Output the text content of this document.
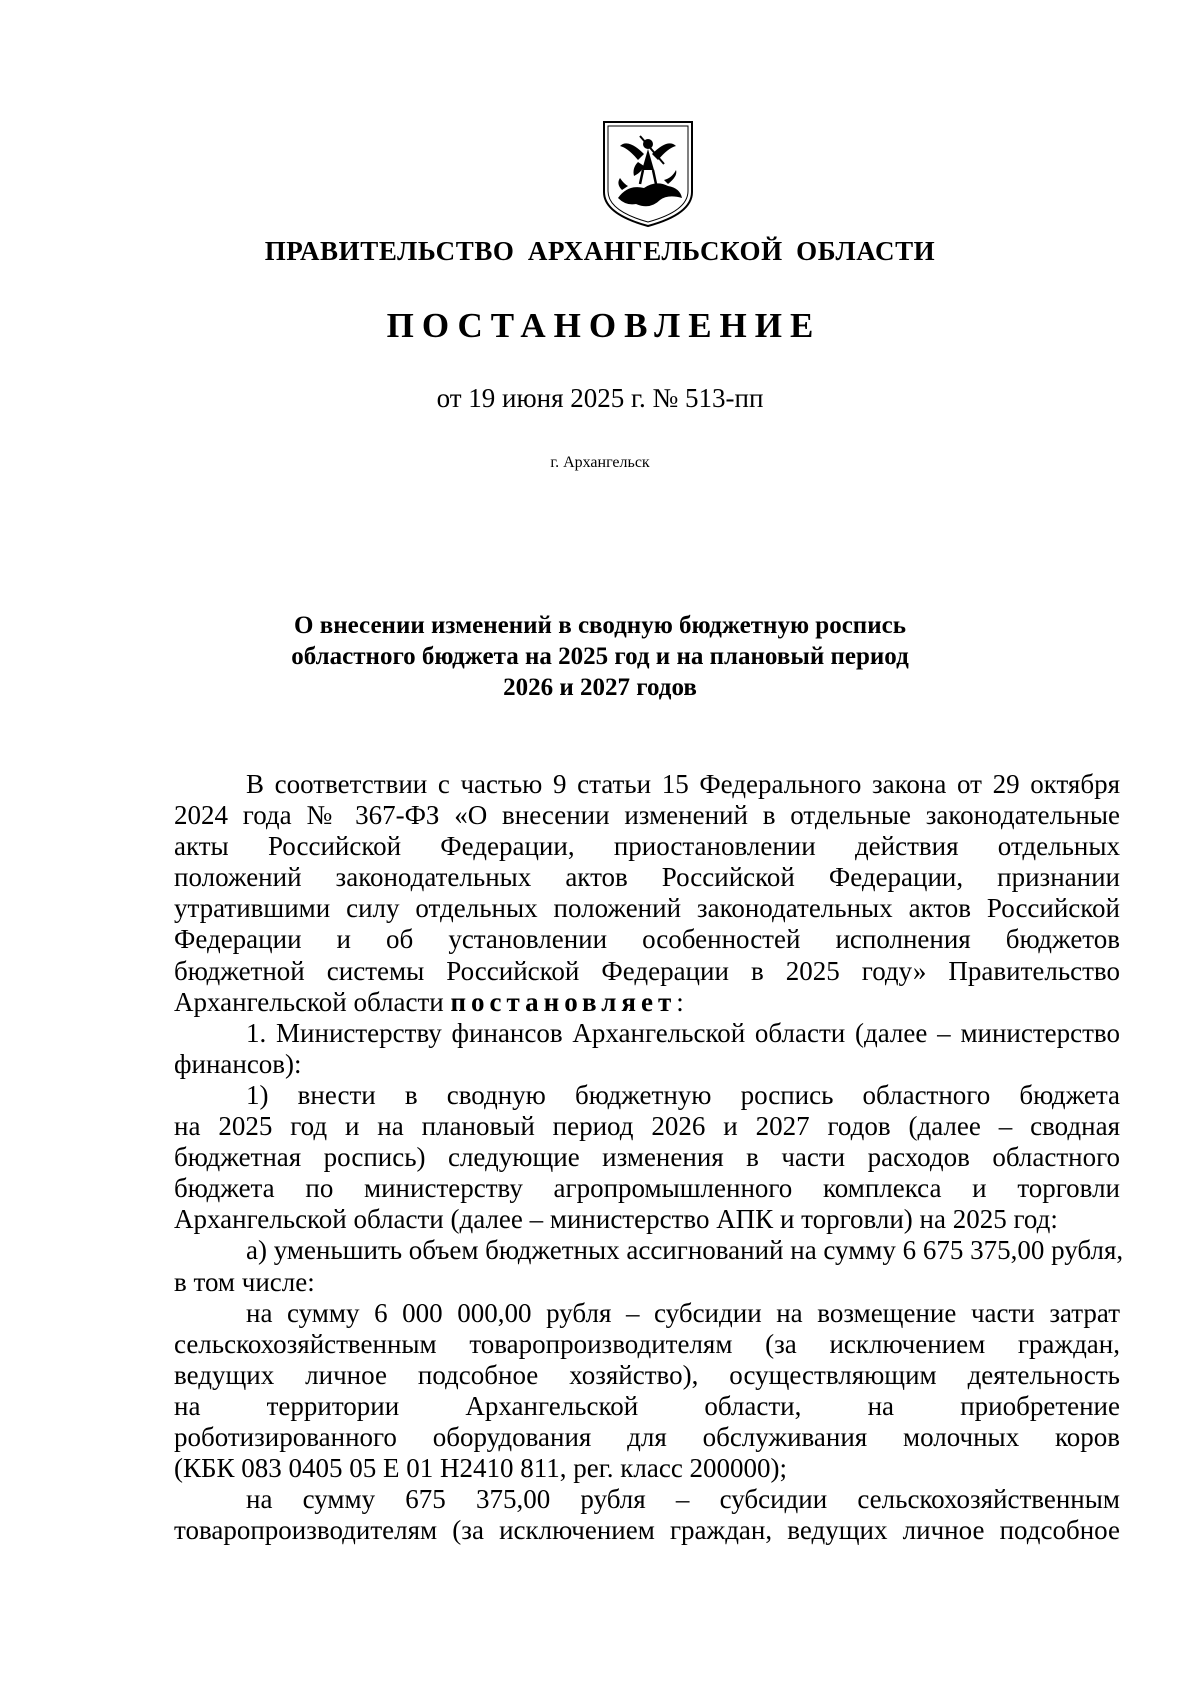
ПРАВИТЕЛЬСТВО АРХАНГЕЛЬСКОЙ ОБЛАСТИ
ПОСТАНОВЛЕНИЕ
от 19 июня 2025 г. № 513-пп
г. Архангельск
О внесении изменений в сводную бюджетную роспись
областного бюджета на 2025 год и на плановый период
2026 и 2027 годов
В соответствии с частью 9 статьи 15 Федерального закона от 29 октября
2024 года № 367-ФЗ «О внесении изменений в отдельные законодательные
акты Российской Федерации, приостановлении действия отдельных
положений законодательных актов Российской Федерации, признании
утратившими силу отдельных положений законодательных актов Российской
Федерации и об установлении особенностей исполнения бюджетов
бюджетной системы Российской Федерации в 2025 году» Правительство
Архангельской области постановляет:
1. Министерству финансов Архангельской области (далее – министерство
финансов):
1) внести в сводную бюджетную роспись областного бюджета
на 2025 год и на плановый период 2026 и 2027 годов (далее – сводная
бюджетная роспись) следующие изменения в части расходов областного
бюджета по министерству агропромышленного комплекса и торговли
Архангельской области (далее – министерство АПК и торговли) на 2025 год:
а) уменьшить объем бюджетных ассигнований на сумму 6 675 375,00 рубля,
в том числе:
на сумму 6 000 000,00 рубля – субсидии на возмещение части затрат
сельскохозяйственным товаропроизводителям (за исключением граждан,
ведущих личное подсобное хозяйство), осуществляющим деятельность
на территории Архангельской области, на приобретение
роботизированного оборудования для обслуживания молочных коров
(КБК 083 0405 05 Е 01 Н2410 811, рег. класс 200000);
на сумму 675 375,00 рубля – субсидии сельскохозяйственным
товаропроизводителям (за исключением граждан, ведущих личное подсобное
